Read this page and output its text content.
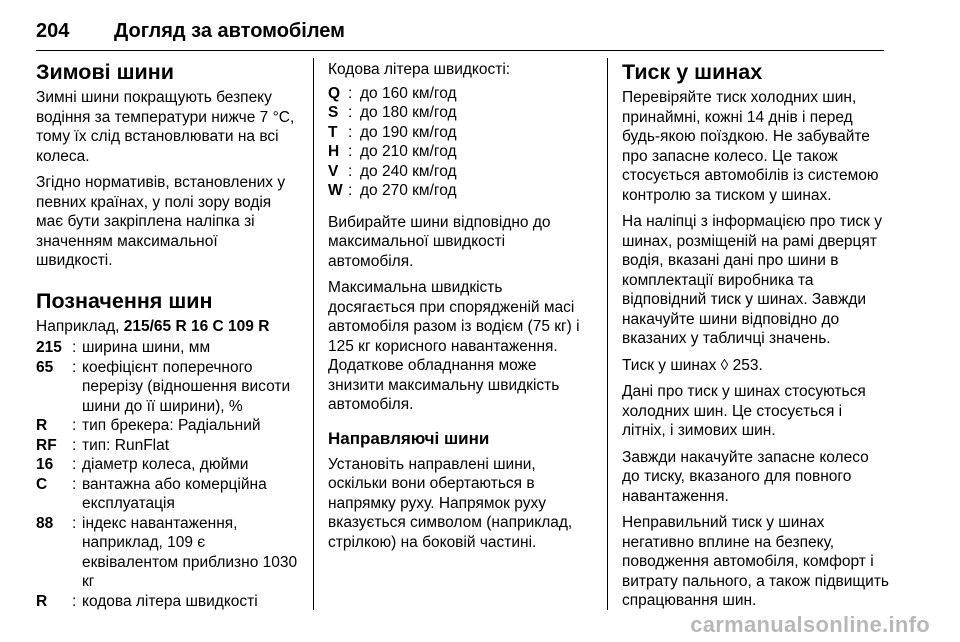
204 Догляд за автомобілем
Зимові шини

Зимні шини покращують безпеку водіння за температури нижче 7 °C, тому їх слід встановлювати на всі колеса.

Згідно нормативів, встановлених у певних країнах, у полі зору водія має бути закріплена наліпка зі значенням максимальної швидкості.

Позначення шин

Наприклад, 215/65 R 16 C 109 R

215 : ширина шини, мм
65	: коефіцієнт поперечного перерізу (відношення висоти шини до її ширини), %
R	: тип брекера: Радіальний
RF : тип: RunFlat
16	: діаметр колеса, дюйми
C	: вантажна або комерційна експлуатація
88	: індекс навантаження, наприклад, 109 є еквівалентом приблизно 1030 кг
R	: кодова літера швидкості

Кодова літера швидкості:

Q : до 160 км/год
S : до 180 км/год
T : до 190 км/год
H : до 210 км/год
V : до 240 км/год
W : до 270 км/год

Вибирайте шини відповідно до максимальної швидкості автомобіля.

Максимальна швидкість досягається при спорядженій масі автомобіля разом із водієм (75 кг) і 125 кг корисного навантаження. Додаткове обладнання може знизити максимальну швидкість автомобіля.

Направляючі шини

Установіть направлені шини, оскільки вони обертаються в напрямку руху. Напрямок руху вказується символом (наприклад, стрілкою) на боковій частині.

Тиск у шинах

Перевіряйте тиск холодних шин, принаймні, кожні 14 днів і перед будь-якою поїздкою. Не забувайте про запасне колесо. Це також стосується автомобілів із системою контролю за тиском у шинах.

На наліпці з інформацією про тиск у шинах, розміщеній на рамі дверцят водія, вказані дані про шини в комплектації виробника та відповідний тиск у шинах. Завжди накачуйте шини відповідно до вказаних у табличці значень.

Тиск у шинах ◊ 253.

Дані про тиск у шинах стосуються холодних шин. Це стосується і літніх, і зимових шин.

Завжди накачуйте запасне колесо до тиску, вказаного для повного навантаження.

Неправильний тиск у шинах негативно вплине на безпеку, поводження автомобіля, комфорт і витрату пального, а також підвищить спрацювання шин.

carmanualsonline.info
